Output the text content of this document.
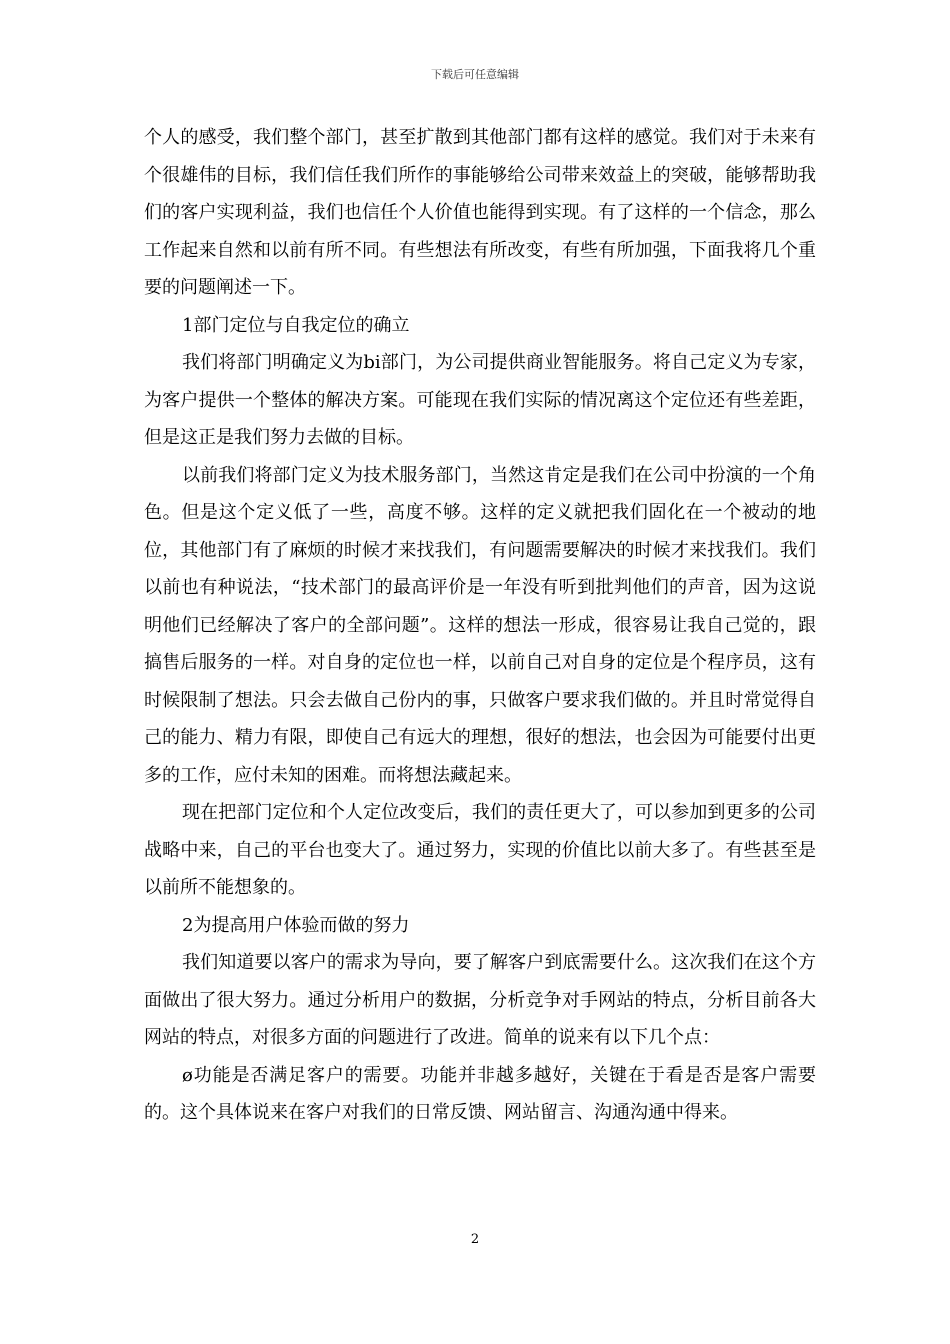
下载后可任意编辑

个人的感受，我们整个部门，甚至扩散到其他部门都有这样的感觉。我们对于未来有个很雄伟的目标，我们信任我们所作的事能够给公司带来效益上的突破，能够帮助我们的客户实现利益，我们也信任个人价值也能得到实现。有了这样的一个信念，那么工作起来自然和以前有所不同。有些想法有所改变，有些有所加强，下面我将几个重要的问题阐述一下。

1部门定位与自我定位的确立

我们将部门明确定义为bi部门，为公司提供商业智能服务。将自己定义为专家，为客户提供一个整体的解决方案。可能现在我们实际的情况离这个定位还有些差距，但是这正是我们努力去做的目标。

以前我们将部门定义为技术服务部门，当然这肯定是我们在公司中扮演的一个角色。但是这个定义低了一些，高度不够。这样的定义就把我们固化在一个被动的地位，其他部门有了麻烦的时候才来找我们，有问题需要解决的时候才来找我们。我们以前也有种说法，“技术部门的最高评价是一年没有听到批判他们的声音，因为这说明他们已经解决了客户的全部问题”。这样的想法一形成，很容易让我自己觉的，跟搞售后服务的一样。对自身的定位也一样，以前自己对自身的定位是个程序员，这有时候限制了想法。只会去做自己份内的事，只做客户要求我们做的。并且时常觉得自己的能力、精力有限，即使自己有远大的理想，很好的想法，也会因为可能要付出更多的工作，应付未知的困难。而将想法藏起来。

现在把部门定位和个人定位改变后，我们的责任更大了，可以参加到更多的公司战略中来，自己的平台也变大了。通过努力，实现的价值比以前大多了。有些甚至是以前所不能想象的。

2为提高用户体验而做的努力

我们知道要以客户的需求为导向，要了解客户到底需要什么。这次我们在这个方面做出了很大努力。通过分析用户的数据，分析竞争对手网站的特点，分析目前各大网站的特点，对很多方面的问题进行了改进。简单的说来有以下几个点：

ø功能是否满足客户的需要。功能并非越多越好，关键在于看是否是客户需要的。这个具体说来在客户对我们的日常反馈、网站留言、沟通沟通中得来。

2
